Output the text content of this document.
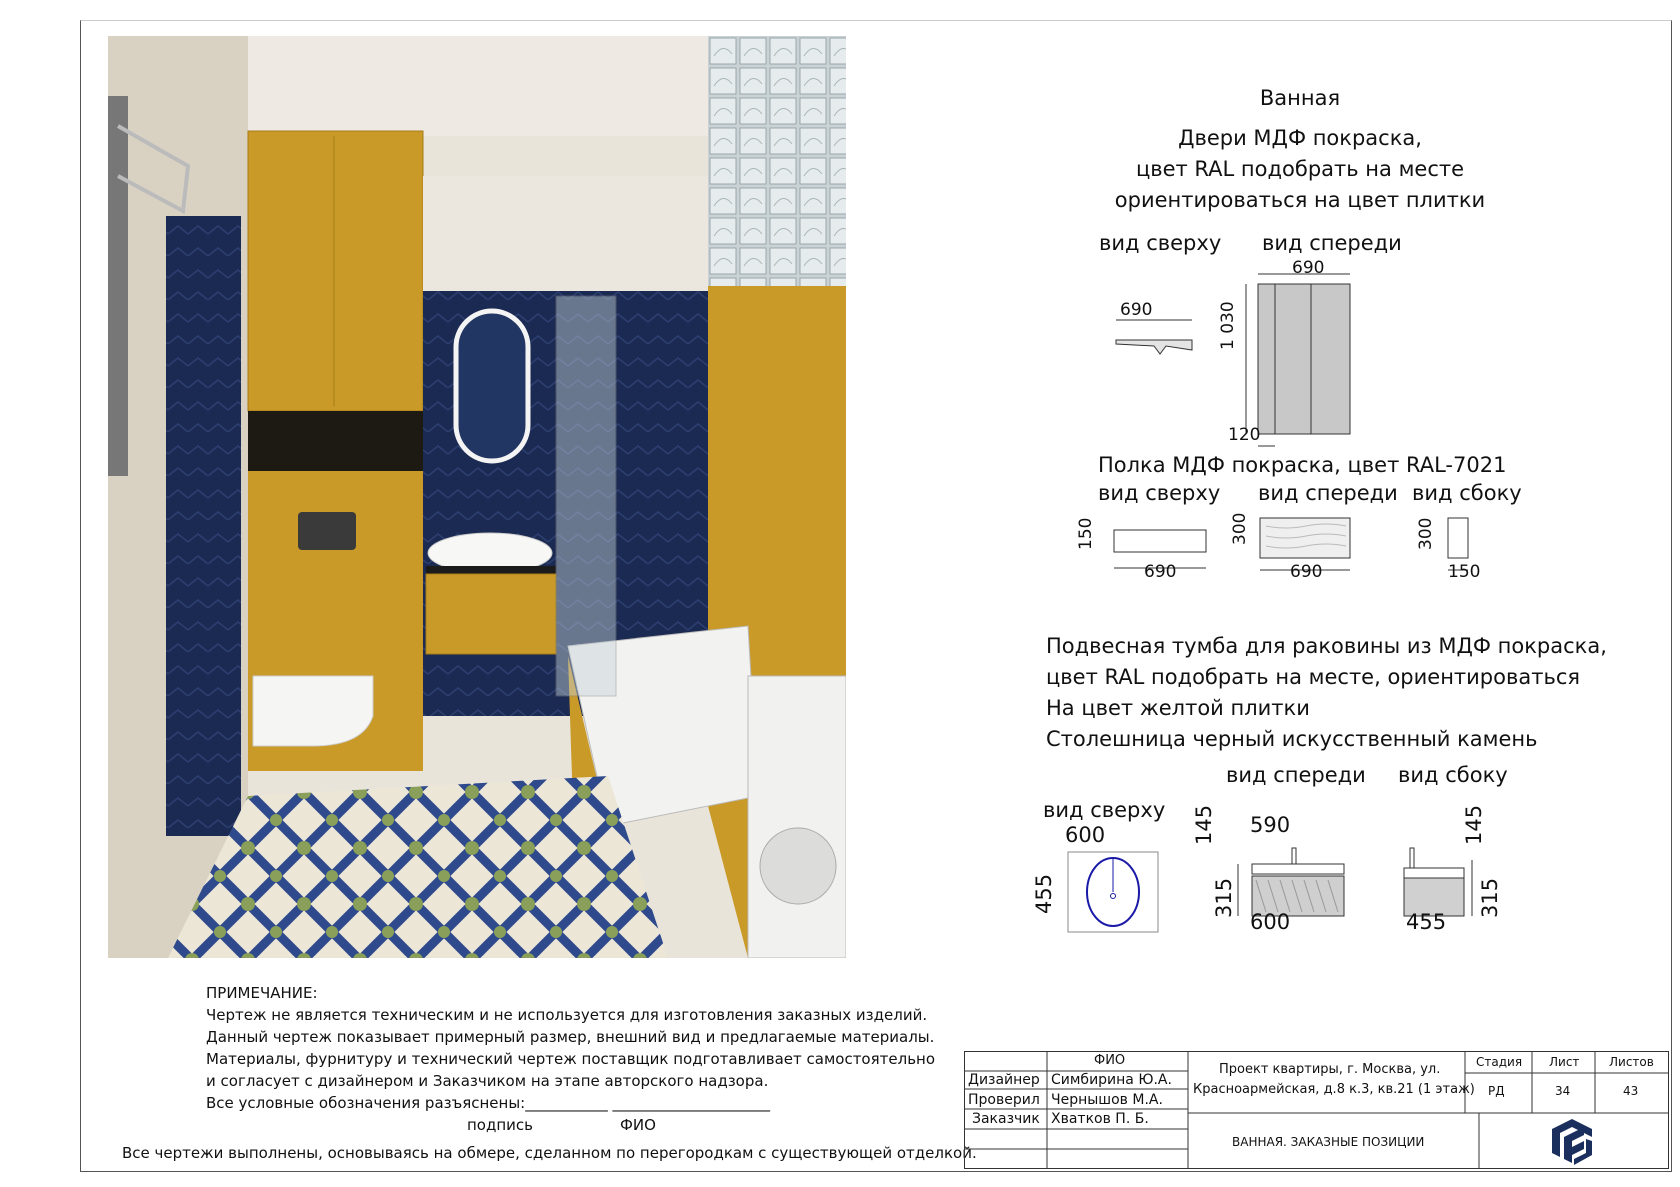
Ванная
Двери МДФ покраска,
цвет RAL подобрать на месте
ориентироваться на цвет плитки
вид сверху вид спереди
690
690
1 030
120
Полка МДФ покраска, цвет RAL-7021
вид сверху вид спереди вид сбоку
150
690
300
690
300
150
Подвесная тумба для раковины из МДФ покраска,
цвет RAL подобрать на месте, ориентироваться
На цвет желтой плитки
Столешница черный искусственный камень
вид спереди вид сбоку
вид сверху
600
455
145 590
315
600
145
315
455
ПРИМЕЧАНИЕ:
Чертеж не является техническим и не используется для изготовления заказных изделий.
Данный чертеж показывает примерный размер, внешний вид и предлагаемые материалы.
Материалы, фурнитуру и технический чертеж поставщик подготавливает самостоятельно
и согласует с дизайнером и Заказчиком на этапе авторского надзора.
Все условные обозначения разъяснены:___________ _____________________
подпись	ФИО
Все чертежи выполнены, основываясь на обмере, сделанном по перегородкам с существующей отделкой.
ФИО
Дизайнер Симбирина Ю.А.
Проверил Чернышов М.А.
Заказчик Хватков П. Б.
Проект квартиры, г. Москва, ул.
Красноармейская, д.8 к.3, кв.21 (1 этаж)
Стадия Лист Листов
РД	34	43
ВАННАЯ. ЗАКАЗНЫЕ ПОЗИЦИИ
